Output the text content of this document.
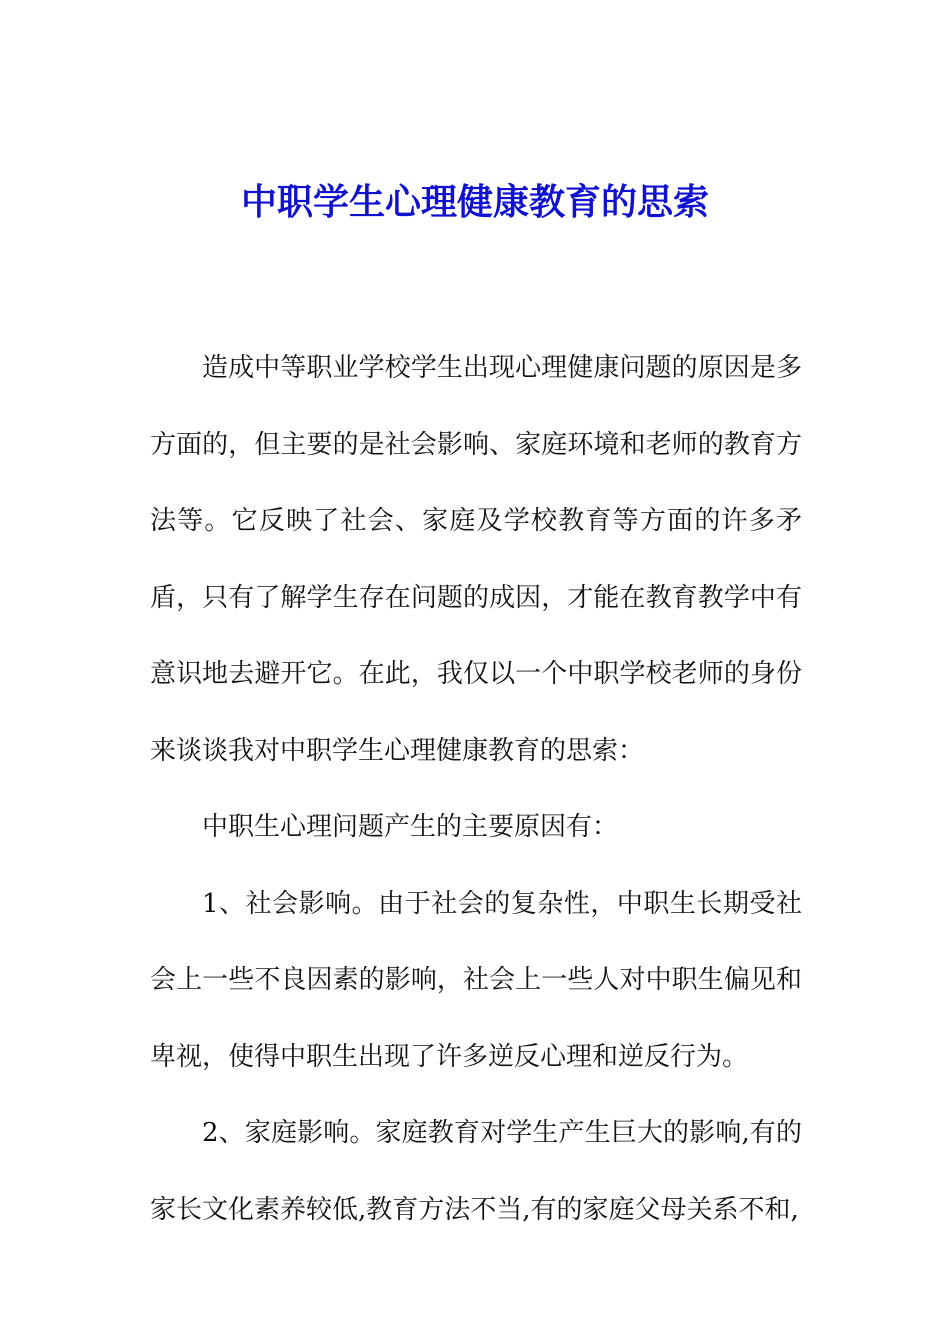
中职学生心理健康教育的思索

造成中等职业学校学生出现心理健康问题的原因是多方面的，但主要的是社会影响、家庭环境和老师的教育方法等。它反映了社会、家庭及学校教育等方面的许多矛盾，只有了解学生存在问题的成因，才能在教育教学中有意识地去避开它。在此，我仅以一个中职学校老师的身份来谈谈我对中职学生心理健康教育的思索：

中职生心理问题产生的主要原因有：

1、社会影响。由于社会的复杂性，中职生长期受社会上一些不良因素的影响，社会上一些人对中职生偏见和卑视，使得中职生出现了许多逆反心理和逆反行为。

2、家庭影响。家庭教育对学生产生巨大的影响,有的家长文化素养较低,教育方法不当,有的家庭父母关系不和,
